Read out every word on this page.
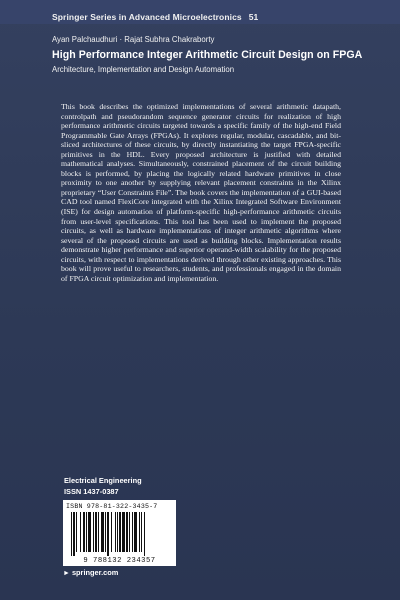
Springer Series in Advanced Microelectronics 51
Ayan Palchaudhuri · Rajat Subhra Chakraborty
High Performance Integer Arithmetic Circuit Design on FPGA
Architecture, Implementation and Design Automation

This book describes the optimized implementations of several arithmetic datapath, controlpath and pseudorandom sequence generator circuits for realization of high performance arithmetic circuits targeted towards a specific family of the high-end Field Programmable Gate Arrays (FPGAs). It explores regular, modular, cascadable, and bit-sliced architectures of these circuits, by directly instantiating the target FPGA-specific primitives in the HDL. Every proposed architecture is justified with detailed mathematical analyses. Simultaneously, constrained placement of the circuit building blocks is performed, by placing the logically related hardware primitives in close proximity to one another by supplying relevant placement constraints in the Xilinx proprietary “User Constraints File”. The book covers the implementation of a GUI-based CAD tool named FlexiCore integrated with the Xilinx Integrated Software Environment (ISE) for design automation of platform-specific high-performance arithmetic circuits from user-level specifications. This tool has been used to implement the proposed circuits, as well as hardware implementations of integer arithmetic algorithms where several of the proposed circuits are used as building blocks. Implementation results demonstrate higher performance and superior operand-width scalability for the proposed circuits, with respect to implementations derived through other existing approaches. This book will prove useful to researchers, students, and professionals engaged in the domain of FPGA circuit optimization and implementation.

Electrical Engineering
ISSN 1437-0387
ISBN 978-81-322-3435-7
9 788132 234357
► springer.com
